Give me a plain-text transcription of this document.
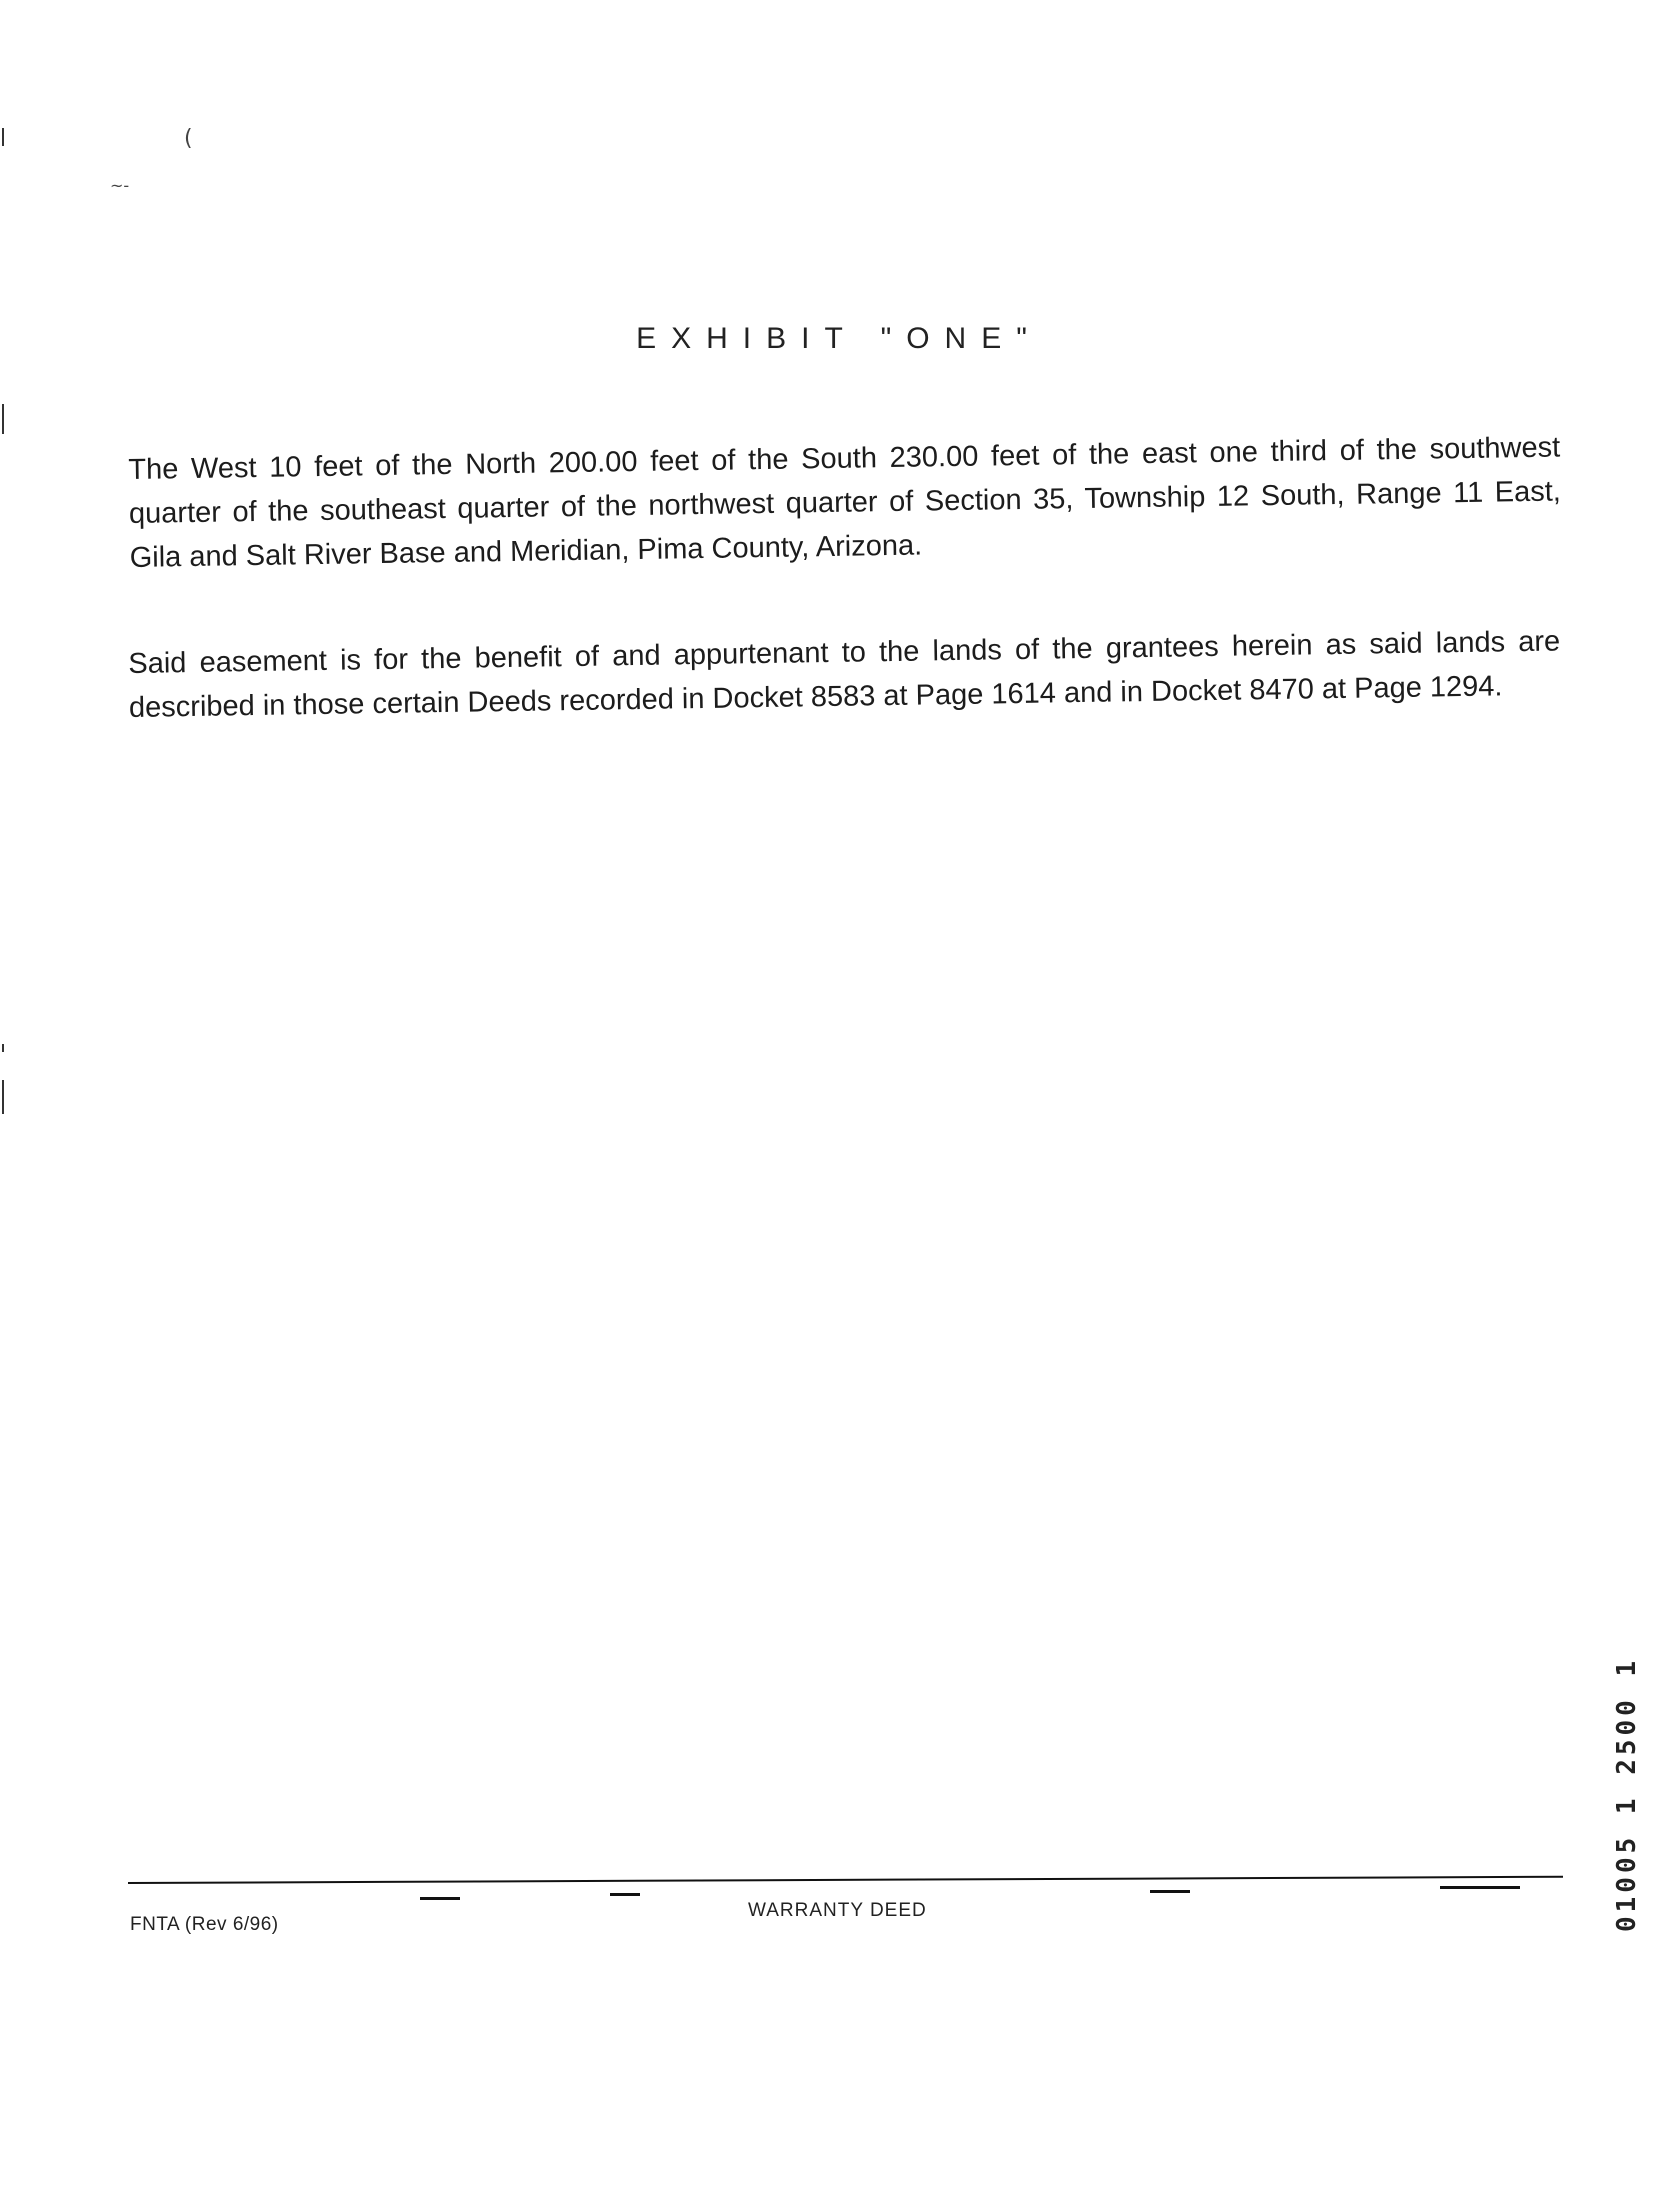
(
~-
EXHIBIT "ONE"

The West 10 feet of the North 200.00 feet of the South 230.00 feet of the east one third of the southwest quarter of the southeast quarter of the northwest quarter of Section 35, Township 12 South, Range 11 East, Gila and Salt River Base and Meridian, Pima County, Arizona.

Said easement is for the benefit of and appurtenant to the lands of the grantees herein as said lands are described in those certain Deeds recorded in Docket 8583 at Page 1614 and in Docket 8470 at Page 1294.

FNTA (Rev 6/96)
WARRANTY DEED	01005 1 2500 1
